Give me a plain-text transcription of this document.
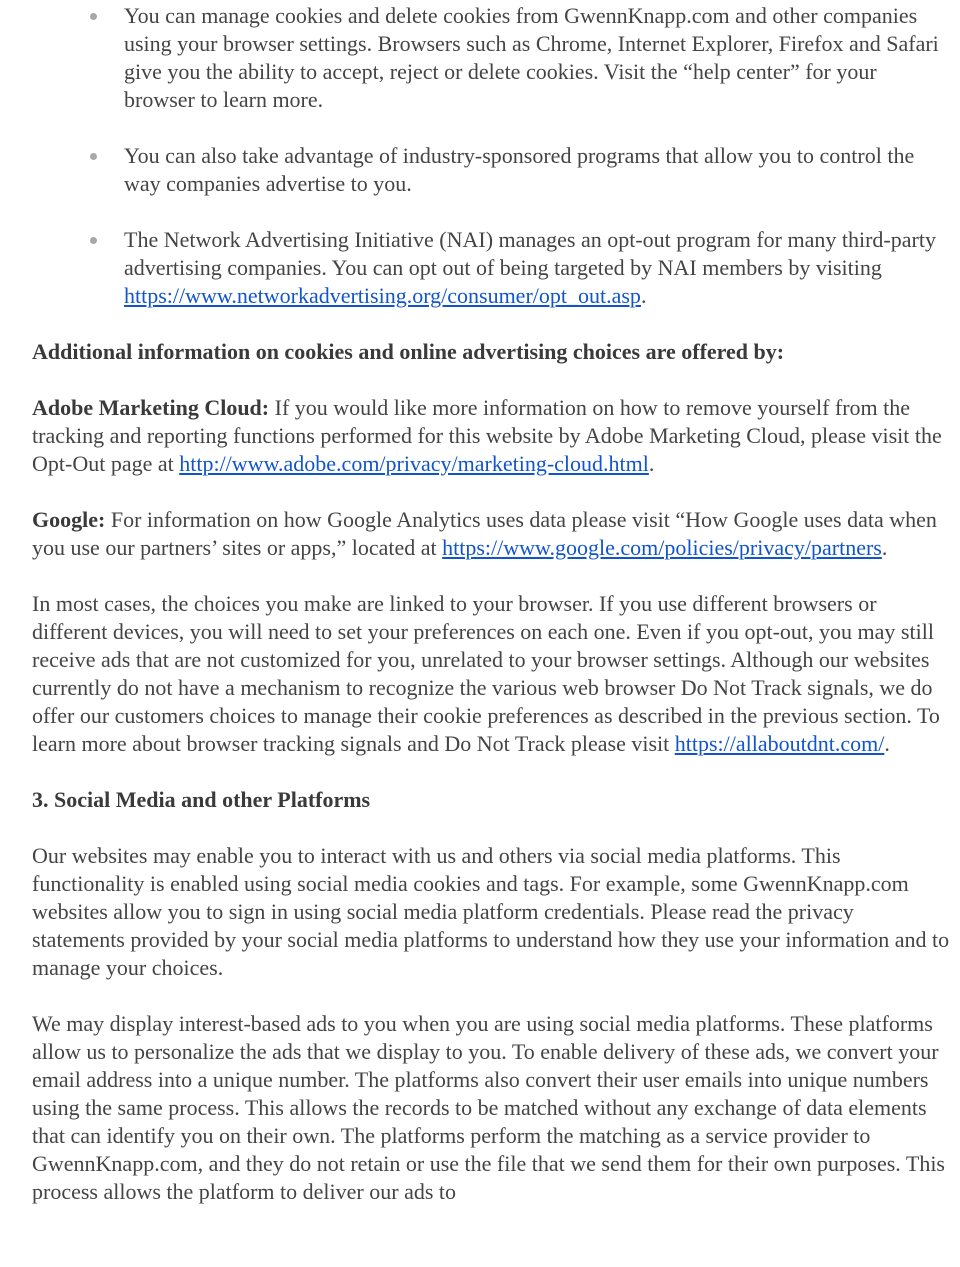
You can manage cookies and delete cookies from GwennKnapp.com and other companies using your browser settings. Browsers such as Chrome, Internet Explorer, Firefox and Safari give you the ability to accept, reject or delete cookies. Visit the “help center” for your browser to learn more.
You can also take advantage of industry-sponsored programs that allow you to control the way companies advertise to you.
The Network Advertising Initiative (NAI) manages an opt-out program for many third-party advertising companies. You can opt out of being targeted by NAI members by visiting https://www.networkadvertising.org/consumer/opt_out.asp.

Additional information on cookies and online advertising choices are offered by:

Adobe Marketing Cloud: If you would like more information on how to remove yourself from the tracking and reporting functions performed for this website by Adobe Marketing Cloud, please visit the Opt-Out page at http://www.adobe.com/privacy/marketing-cloud.html.

Google: For information on how Google Analytics uses data please visit “How Google uses data when you use our partners’ sites or apps,” located at https://www.google.com/policies/privacy/partners.

In most cases, the choices you make are linked to your browser. If you use different browsers or different devices, you will need to set your preferences on each one. Even if you opt-out, you may still receive ads that are not customized for you, unrelated to your browser settings. Although our websites currently do not have a mechanism to recognize the various web browser Do Not Track signals, we do offer our customers choices to manage their cookie preferences as described in the previous section. To learn more about browser tracking signals and Do Not Track please visit https://allaboutdnt.com/.

3. Social Media and other Platforms

Our websites may enable you to interact with us and others via social media platforms. This functionality is enabled using social media cookies and tags. For example, some GwennKnapp.com websites allow you to sign in using social media platform credentials. Please read the privacy statements provided by your social media platforms to understand how they use your information and to manage your choices.

We may display interest-based ads to you when you are using social media platforms. These platforms allow us to personalize the ads that we display to you. To enable delivery of these ads, we convert your email address into a unique number. The platforms also convert their user emails into unique numbers using the same process. This allows the records to be matched without any exchange of data elements that can identify you on their own. The platforms perform the matching as a service provider to GwennKnapp.com, and they do not retain or use the file that we send them for their own purposes. This process allows the platform to deliver our ads to
